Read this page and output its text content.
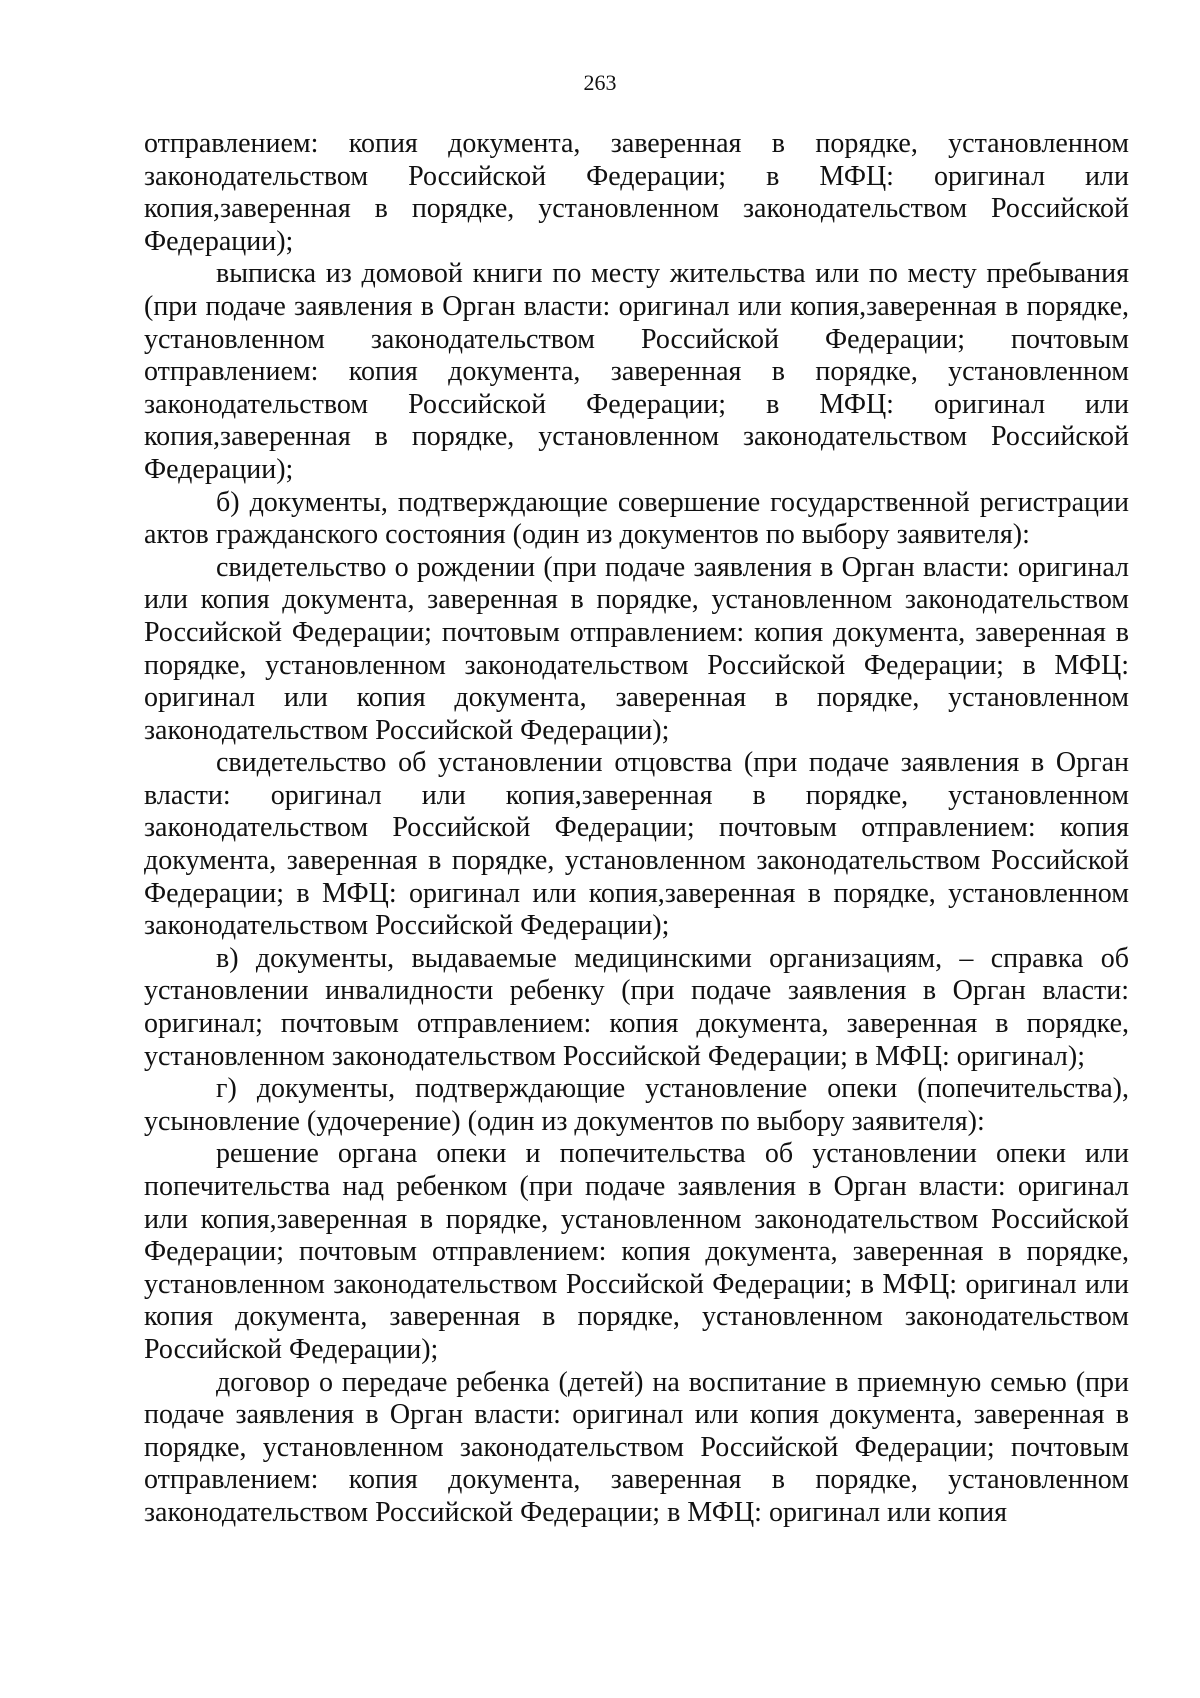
263

отправлением: копия документа, заверенная в порядке, установленном законодательством Российской Федерации; в МФЦ: оригинал или копия,заверенная в порядке, установленном законодательством Российской Федерации);

выписка из домовой книги по месту жительства или по месту пребывания (при подаче заявления в Орган власти: оригинал или копия,заверенная в порядке, установленном законодательством Российской Федерации; почтовым отправлением: копия документа, заверенная в порядке, установленном законодательством Российской Федерации; в МФЦ: оригинал или копия,заверенная в порядке, установленном законодательством Российской Федерации);

б) документы, подтверждающие совершение государственной регистрации актов гражданского состояния (один из документов по выбору заявителя):

свидетельство о рождении (при подаче заявления в Орган власти: оригинал или копия документа, заверенная в порядке, установленном законодательством Российской Федерации; почтовым отправлением: копия документа, заверенная в порядке, установленном законодательством Российской Федерации; в МФЦ: оригинал или копия документа, заверенная в порядке, установленном законодательством Российской Федерации);

свидетельство об установлении отцовства (при подаче заявления в Орган власти: оригинал или копия,заверенная в порядке, установленном законодательством Российской Федерации; почтовым отправлением: копия документа, заверенная в порядке, установленном законодательством Российской Федерации; в МФЦ: оригинал или копия,заверенная в порядке, установленном законодательством Российской Федерации);

в) документы, выдаваемые медицинскими организациям, – справка об установлении инвалидности ребенку (при подаче заявления в Орган власти: оригинал; почтовым отправлением: копия документа, заверенная в порядке, установленном законодательством Российской Федерации; в МФЦ: оригинал);

г) документы, подтверждающие установление опеки (попечительства), усыновление (удочерение) (один из документов по выбору заявителя):

решение органа опеки и попечительства об установлении опеки или попечительства над ребенком (при подаче заявления в Орган власти: оригинал или копия,заверенная в порядке, установленном законодательством Российской Федерации; почтовым отправлением: копия документа, заверенная в порядке, установленном законодательством Российской Федерации; в МФЦ: оригинал или копия документа, заверенная в порядке, установленном законодательством Российской Федерации);

договор о передаче ребенка (детей) на воспитание в приемную семью (при подаче заявления в Орган власти: оригинал или копия документа, заверенная в порядке, установленном законодательством Российской Федерации; почтовым отправлением: копия документа, заверенная в порядке, установленном законодательством Российской Федерации; в МФЦ: оригинал или копия
